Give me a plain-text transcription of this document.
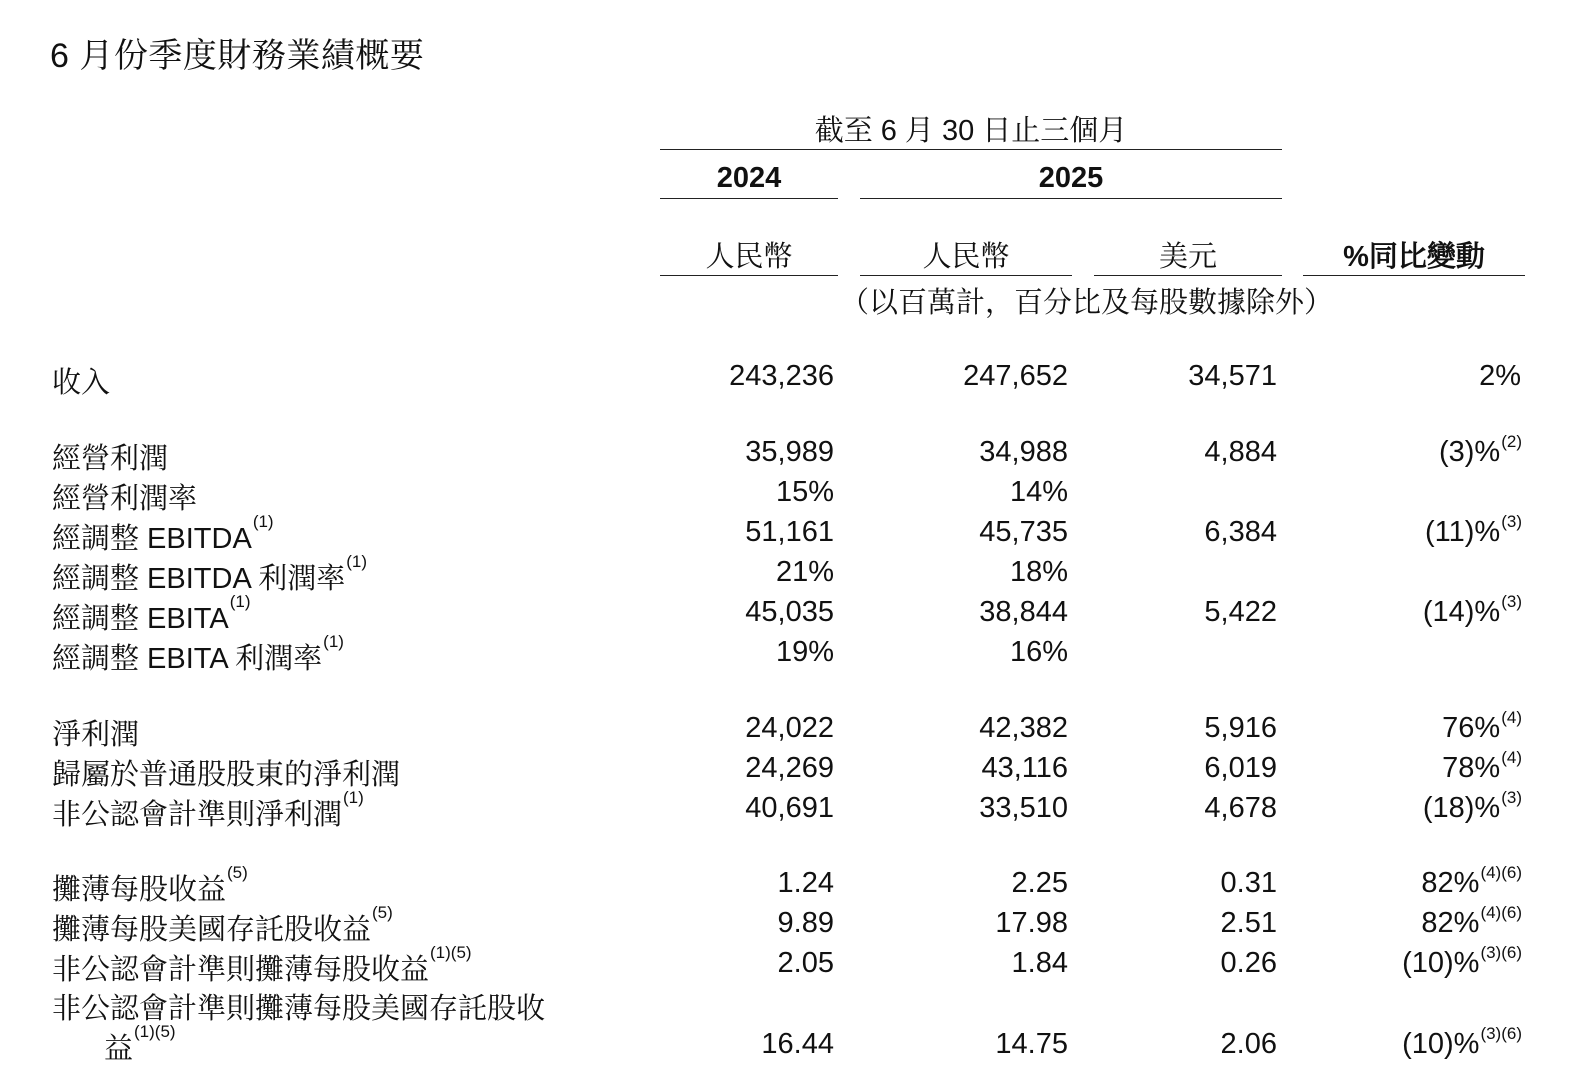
6 月份季度財務業績概要
截至 6 月 30 日止三個月
2024	2025
人民幣	人民幣	美元	%同比變動
（以百萬計，百分比及每股數據除外）
收入	243,236	247,652	34,571	2%
經營利潤	35,989	34,988	4,884	(3)%$^{(2)}$
經營利潤率	15%	14%
經調整 EBITDA$^{(1)}$	51,161	45,735	6,384	(11)%$^{(3)}$
經調整 EBITDA 利潤率$^{(1)}$	21%	18%
經調整 EBITA$^{(1)}$	45,035	38,844	5,422	(14)%$^{(3)}$
經調整 EBITA 利潤率$^{(1)}$	19%	16%
淨利潤	24,022	42,382	5,916	76%$^{(4)}$
歸屬於普通股股東的淨利潤	24,269	43,116	6,019	78%$^{(4)}$
非公認會計準則淨利潤$^{(1)}$	40,691	33,510	4,678	(18)%$^{(3)}$
攤薄每股收益$^{(5)}$	1.24	2.25	0.31	82%$^{(4)(6)}$
攤薄每股美國存託股收益$^{(5)}$	9.89	17.98	2.51	82%$^{(4)(6)}$
非公認會計準則攤薄每股收益$^{(1)(5)}$	2.05	1.84	0.26	(10)%$^{(3)(6)}$
非公認會計準則攤薄每股美國存託股收
益$^{(1)(5)}$	16.44	14.75	2.06	(10)%$^{(3)(6)}$
